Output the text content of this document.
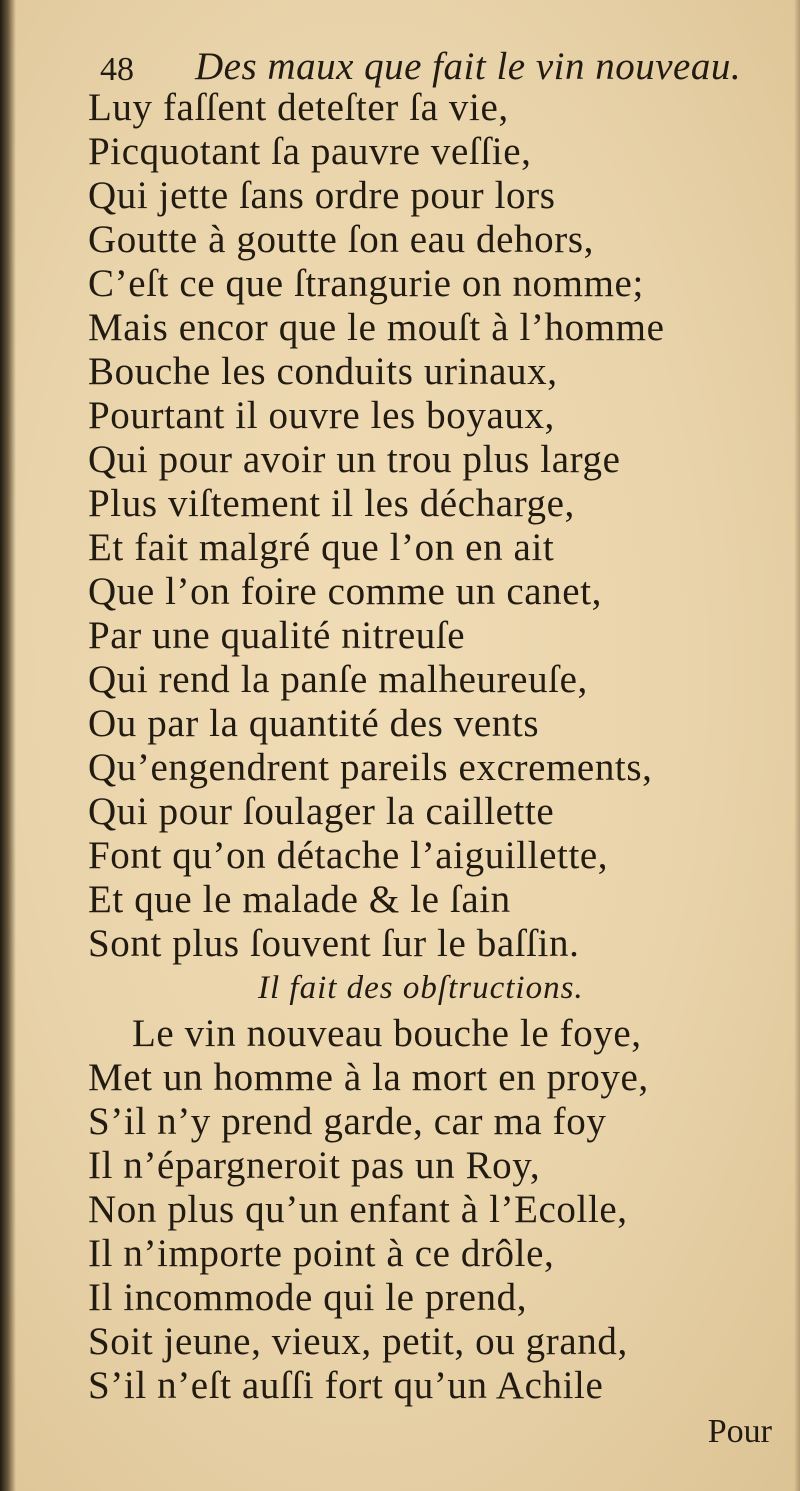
48 Des maux que fait le vin nouveau.
Luy faſſent deteſter ſa vie,
Picquotant ſa pauvre veſſie,
Qui jette ſans ordre pour lors
Goutte à goutte ſon eau dehors,
C’eſt ce que ſtrangurie on nomme;
Mais encor que le mouſt à l’homme
Bouche les conduits urinaux,
Pourtant il ouvre les boyaux,
Qui pour avoir un trou plus large
Plus viſtement il les décharge,
Et fait malgré que l’on en ait
Que l’on foire comme un canet,
Par une qualité nitreuſe
Qui rend la panſe malheureuſe,
Ou par la quantité des vents
Qu’engendrent pareils excrements,
Qui pour ſoulager la caillette
Font qu’on détache l’aiguillette,
Et que le malade & le ſain
Sont plus ſouvent ſur le baſſin.
Il fait des obſtructions.
Le vin nouveau bouche le foye,
Met un homme à la mort en proye,
S’il n’y prend garde, car ma foy
Il n’épargneroit pas un Roy,
Non plus qu’un enfant à l’Ecolle,
Il n’importe point à ce drôle,
Il incommode qui le prend,
Soit jeune, vieux, petit, ou grand,
S’il n’eſt auſſi fort qu’un Achile
Pour
